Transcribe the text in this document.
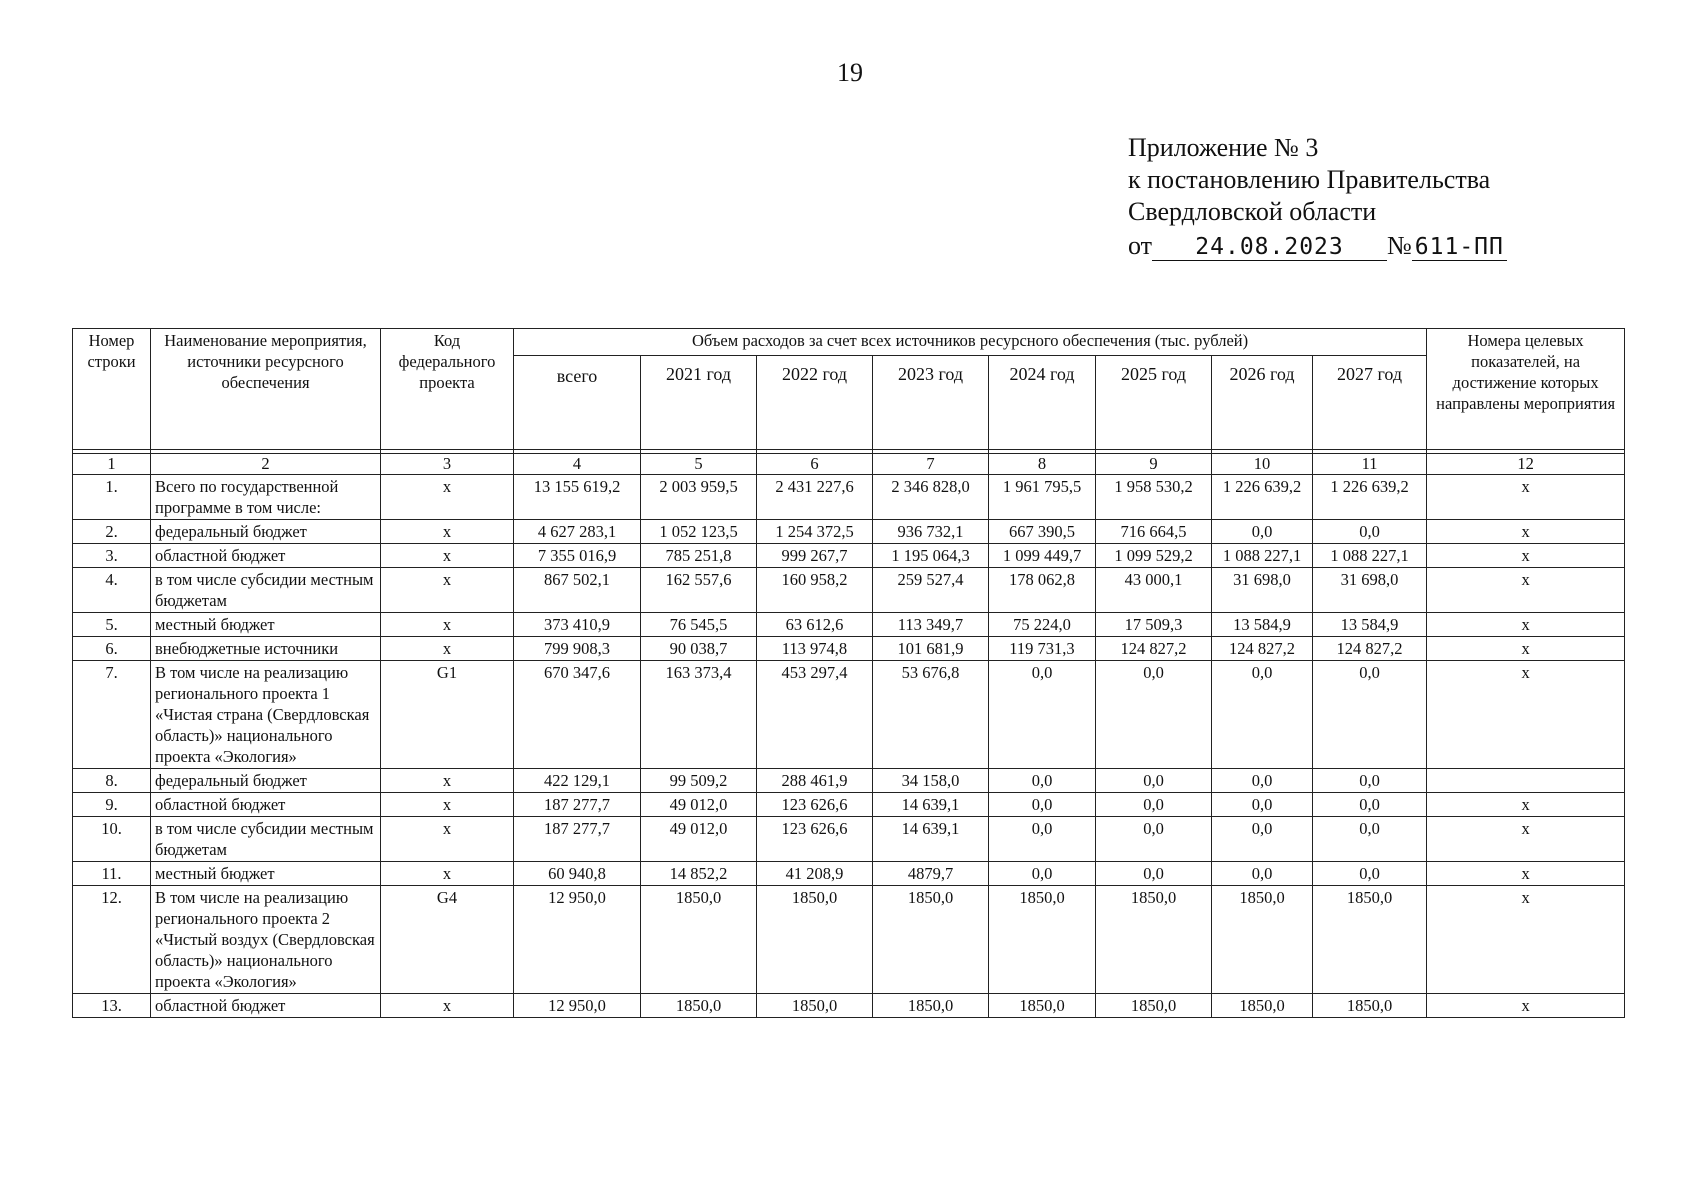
19
Приложение № 3
к постановлению Правительства
Свердловской области
от 24.08.2023 № 611-ПП
Номер строки	Наименование мероприятия, источники ресурсного обеспечения	Код федерального проекта	Объем расходов за счет всех источников ресурсного обеспечения (тыс. рублей)								Номера целевых показателей, на достижение которых направлены мероприятия
			всего	2021 год	2022 год	2023 год	2024 год	2025 год	2026 год	2027 год	

1	2	3	4	5	6	7	8	9	10	11	12
1.	Всего по государственной программе в том числе:	x	13 155 619,2	2 003 959,5	2 431 227,6	2 346 828,0	1 961 795,5	1 958 530,2	1 226 639,2	1 226 639,2	x
2.	федеральный бюджет	x	4 627 283,1	1 052 123,5	1 254 372,5	936 732,1	667 390,5	716 664,5	0,0	0,0	x
3.	областной бюджет	x	7 355 016,9	785 251,8	999 267,7	1 195 064,3	1 099 449,7	1 099 529,2	1 088 227,1	1 088 227,1	x
4.	в том числе субсидии местным бюджетам	x	867 502,1	162 557,6	160 958,2	259 527,4	178 062,8	43 000,1	31 698,0	31 698,0	x
5.	местный бюджет	x	373 410,9	76 545,5	63 612,6	113 349,7	75 224,0	17 509,3	13 584,9	13 584,9	x
6.	внебюджетные источники	x	799 908,3	90 038,7	113 974,8	101 681,9	119 731,3	124 827,2	124 827,2	124 827,2	x
7.	В том числе на реализацию регионального проекта 1 «Чистая страна (Свердловская область)» национального проекта «Экология»	G1	670 347,6	163 373,4	453 297,4	53 676,8	0,0	0,0	0,0	0,0	x
8.	федеральный бюджет	x	422 129,1	99 509,2	288 461,9	34 158,0	0,0	0,0	0,0	0,0	
9.	областной бюджет	x	187 277,7	49 012,0	123 626,6	14 639,1	0,0	0,0	0,0	0,0	x
10.	в том числе субсидии местным бюджетам	x	187 277,7	49 012,0	123 626,6	14 639,1	0,0	0,0	0,0	0,0	x
11.	местный бюджет	x	60 940,8	14 852,2	41 208,9	4879,7	0,0	0,0	0,0	0,0	x
12.	В том числе на реализацию регионального проекта 2 «Чистый воздух (Свердловская область)» национального проекта «Экология»	G4	12 950,0	1850,0	1850,0	1850,0	1850,0	1850,0	1850,0	1850,0	x
13.	областной бюджет	x	12 950,0	1850,0	1850,0	1850,0	1850,0	1850,0	1850,0	1850,0	x
